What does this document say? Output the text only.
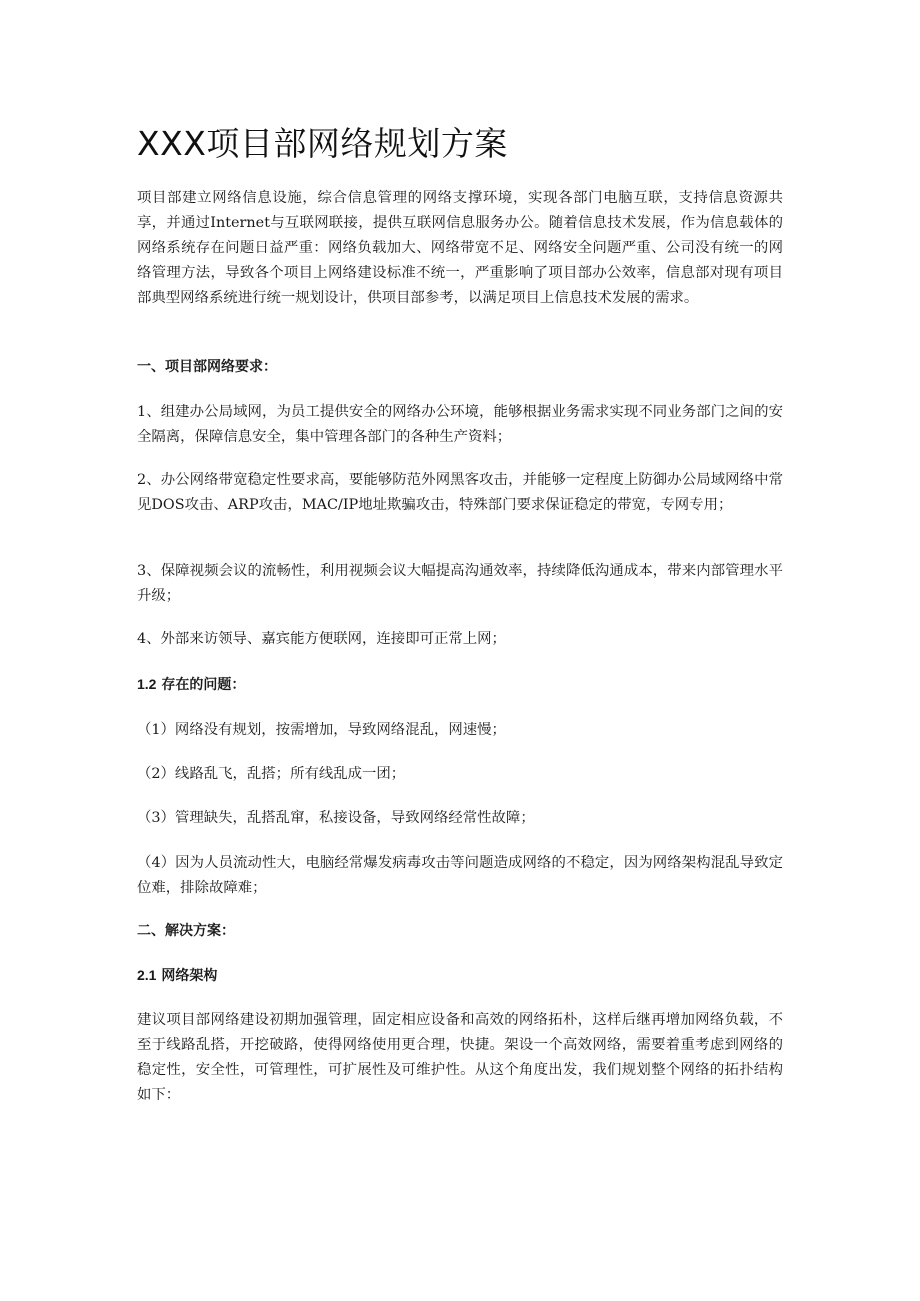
XXX项目部网络规划方案

项目部建立网络信息设施，综合信息管理的网络支撑环境，实现各部门电脑互联，支持信息资源共享，并通过Internet与互联网联接，提供互联网信息服务办公。随着信息技术发展，作为信息载体的网络系统存在问题日益严重：网络负载加大、网络带宽不足、网络安全问题严重、公司没有统一的网络管理方法，导致各个项目上网络建设标准不统一，严重影响了项目部办公效率，信息部对现有项目部典型网络系统进行统一规划设计，供项目部参考，以满足项目上信息技术发展的需求。

一、项目部网络要求：

1、组建办公局域网，为员工提供安全的网络办公环境，能够根据业务需求实现不同业务部门之间的安全隔离，保障信息安全，集中管理各部门的各种生产资料；

2、办公网络带宽稳定性要求高，要能够防范外网黑客攻击，并能够一定程度上防御办公局域网络中常见DOS攻击、ARP攻击，MAC/IP地址欺骗攻击，特殊部门要求保证稳定的带宽，专网专用；

3、保障视频会议的流畅性，利用视频会议大幅提高沟通效率，持续降低沟通成本，带来内部管理水平升级；

4、外部来访领导、嘉宾能方便联网，连接即可正常上网；

1.2 存在的问题：

（1）网络没有规划，按需增加，导致网络混乱，网速慢；

（2）线路乱飞，乱搭；所有线乱成一团；

（3）管理缺失，乱搭乱窜，私接设备，导致网络经常性故障；

（4）因为人员流动性大，电脑经常爆发病毒攻击等问题造成网络的不稳定，因为网络架构混乱导致定位难，排除故障难；

二、解决方案：
2.1 网络架构

建议项目部网络建设初期加强管理，固定相应设备和高效的网络拓朴，这样后继再增加网络负载，不至于线路乱搭，开挖破路，使得网络使用更合理，快捷。架设一个高效网络，需要着重考虑到网络的稳定性，安全性，可管理性，可扩展性及可维护性。从这个角度出发，我们规划整个网络的拓扑结构如下：
